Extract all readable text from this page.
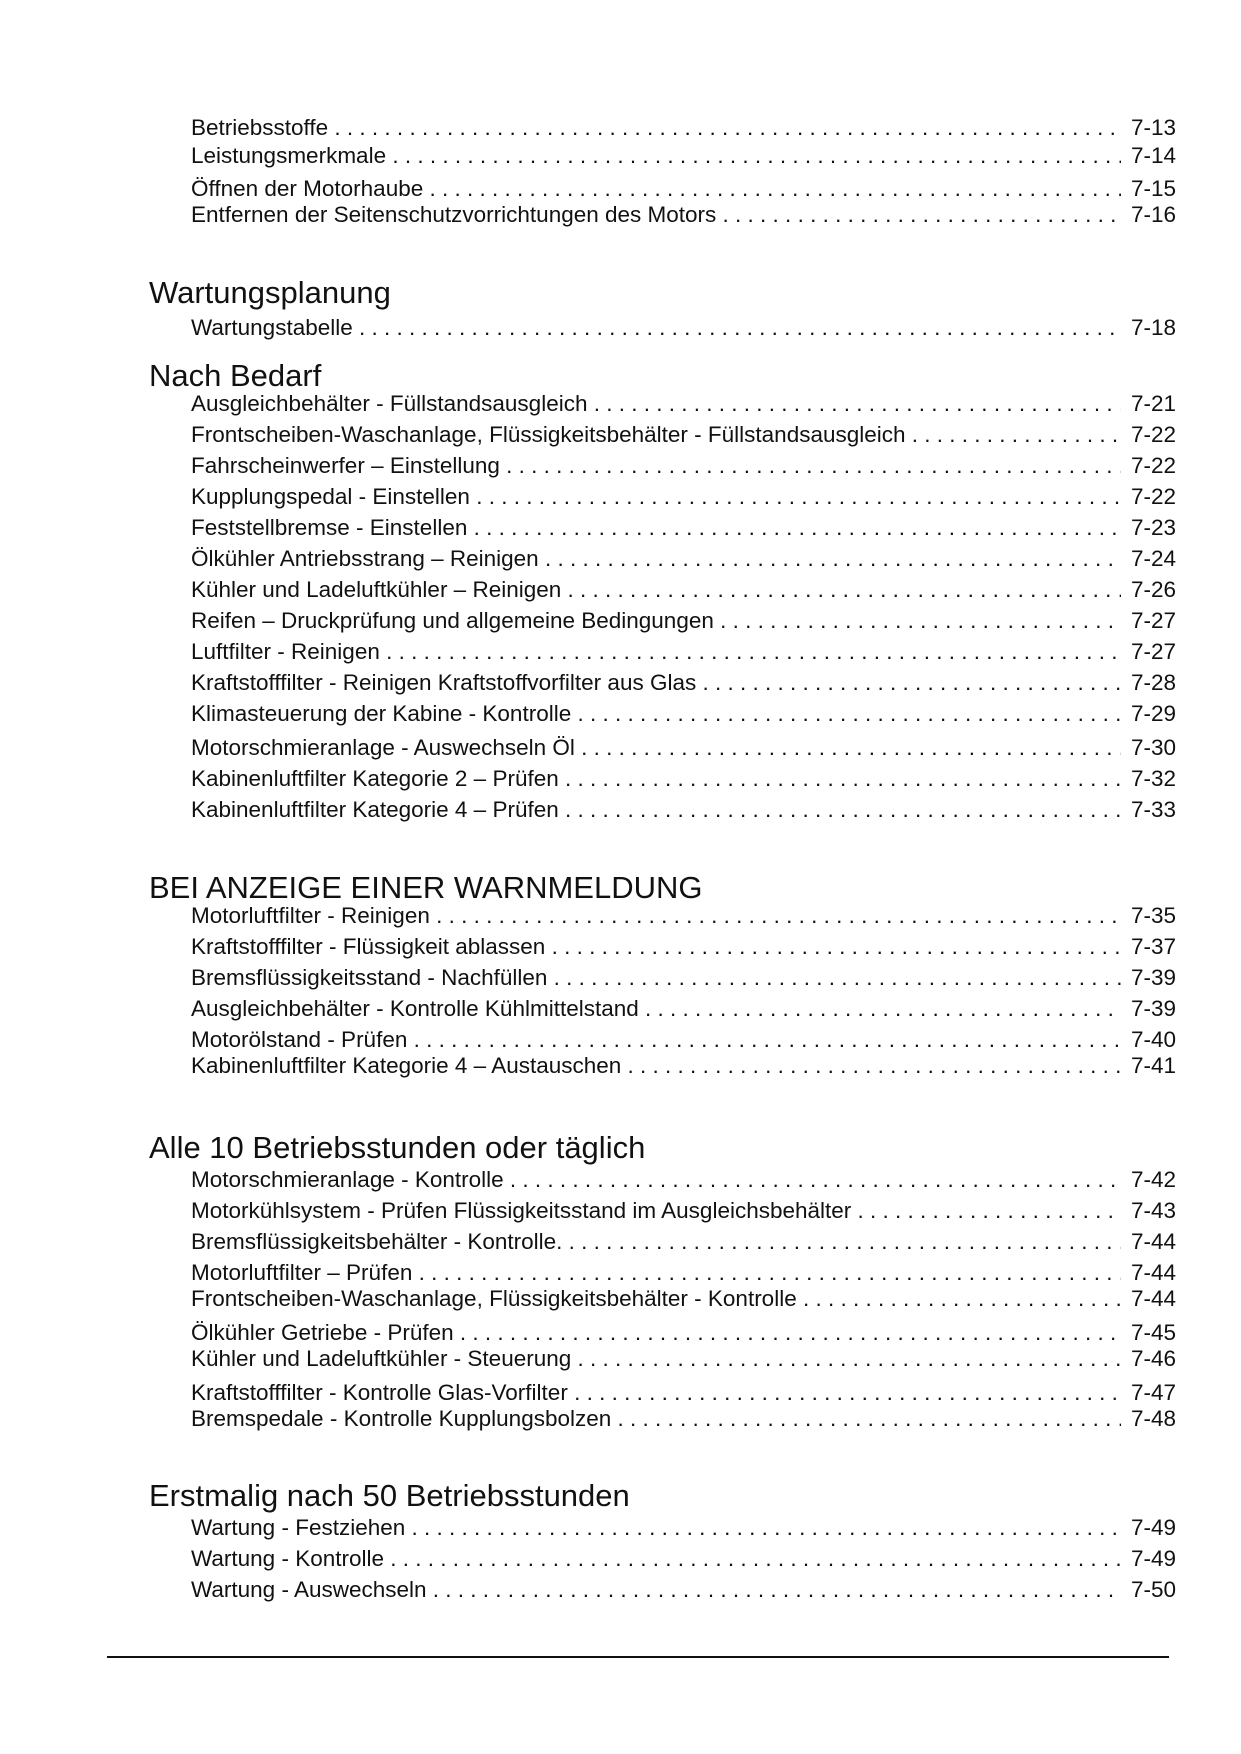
Betriebsstoffe . . .	7-13
Leistungsmerkmale . . .	7-14
Öffnen der Motorhaube . . .	7-15
Entfernen der Seitenschutzvorrichtungen des Motors . . .	7-16
Wartungsplanung
Wartungstabelle . . .	7-18
Nach Bedarf
Ausgleichbehälter - Füllstandsausgleich . . .	7-21
Frontscheiben-Waschanlage, Flüssigkeitsbehälter - Füllstandsausgleich . . .	7-22
Fahrscheinwerfer – Einstellung . . .	7-22
Kupplungspedal - Einstellen . . .	7-22
Feststellbremse - Einstellen . . .	7-23
Ölkühler Antriebsstrang – Reinigen . . .	7-24
Kühler und Ladeluftkühler – Reinigen . . .	7-26
Reifen – Druckprüfung und allgemeine Bedingungen . . .	7-27
Luftfilter - Reinigen . . .	7-27
Kraftstofffilter - Reinigen Kraftstoffvorfilter aus Glas . . .	7-28
Klimasteuerung der Kabine - Kontrolle . . .	7-29
Motorschmieranlage - Auswechseln Öl . . .	7-30
Kabinenluftfilter Kategorie 2 – Prüfen . . .	7-32
Kabinenluftfilter Kategorie 4 – Prüfen . . .	7-33
BEI ANZEIGE EINER WARNMELDUNG
Motorluftfilter - Reinigen . . .	7-35
Kraftstofffilter - Flüssigkeit ablassen . . .	7-37
Bremsflüssigkeitsstand - Nachfüllen . . .	7-39
Ausgleichbehälter - Kontrolle Kühlmittelstand . . .	7-39
Motorölstand - Prüfen . . .	7-40
Kabinenluftfilter Kategorie 4 – Austauschen . . .	7-41
Alle 10 Betriebsstunden oder täglich
Motorschmieranlage - Kontrolle . . .	7-42
Motorkühlsystem - Prüfen Flüssigkeitsstand im Ausgleichsbehälter . . .	7-43
Bremsflüssigkeitsbehälter - Kontrolle. . . .	7-44
Motorluftfilter – Prüfen . . .	7-44
Frontscheiben-Waschanlage, Flüssigkeitsbehälter - Kontrolle . . .	7-44
Ölkühler Getriebe - Prüfen . . .	7-45
Kühler und Ladeluftkühler - Steuerung . . .	7-46
Kraftstofffilter - Kontrolle Glas-Vorfilter . . .	7-47
Bremspedale - Kontrolle Kupplungsbolzen . . .	7-48
Erstmalig nach 50 Betriebsstunden
Wartung - Festziehen . . .	7-49
Wartung - Kontrolle . . .	7-49
Wartung - Auswechseln . . .	7-50
